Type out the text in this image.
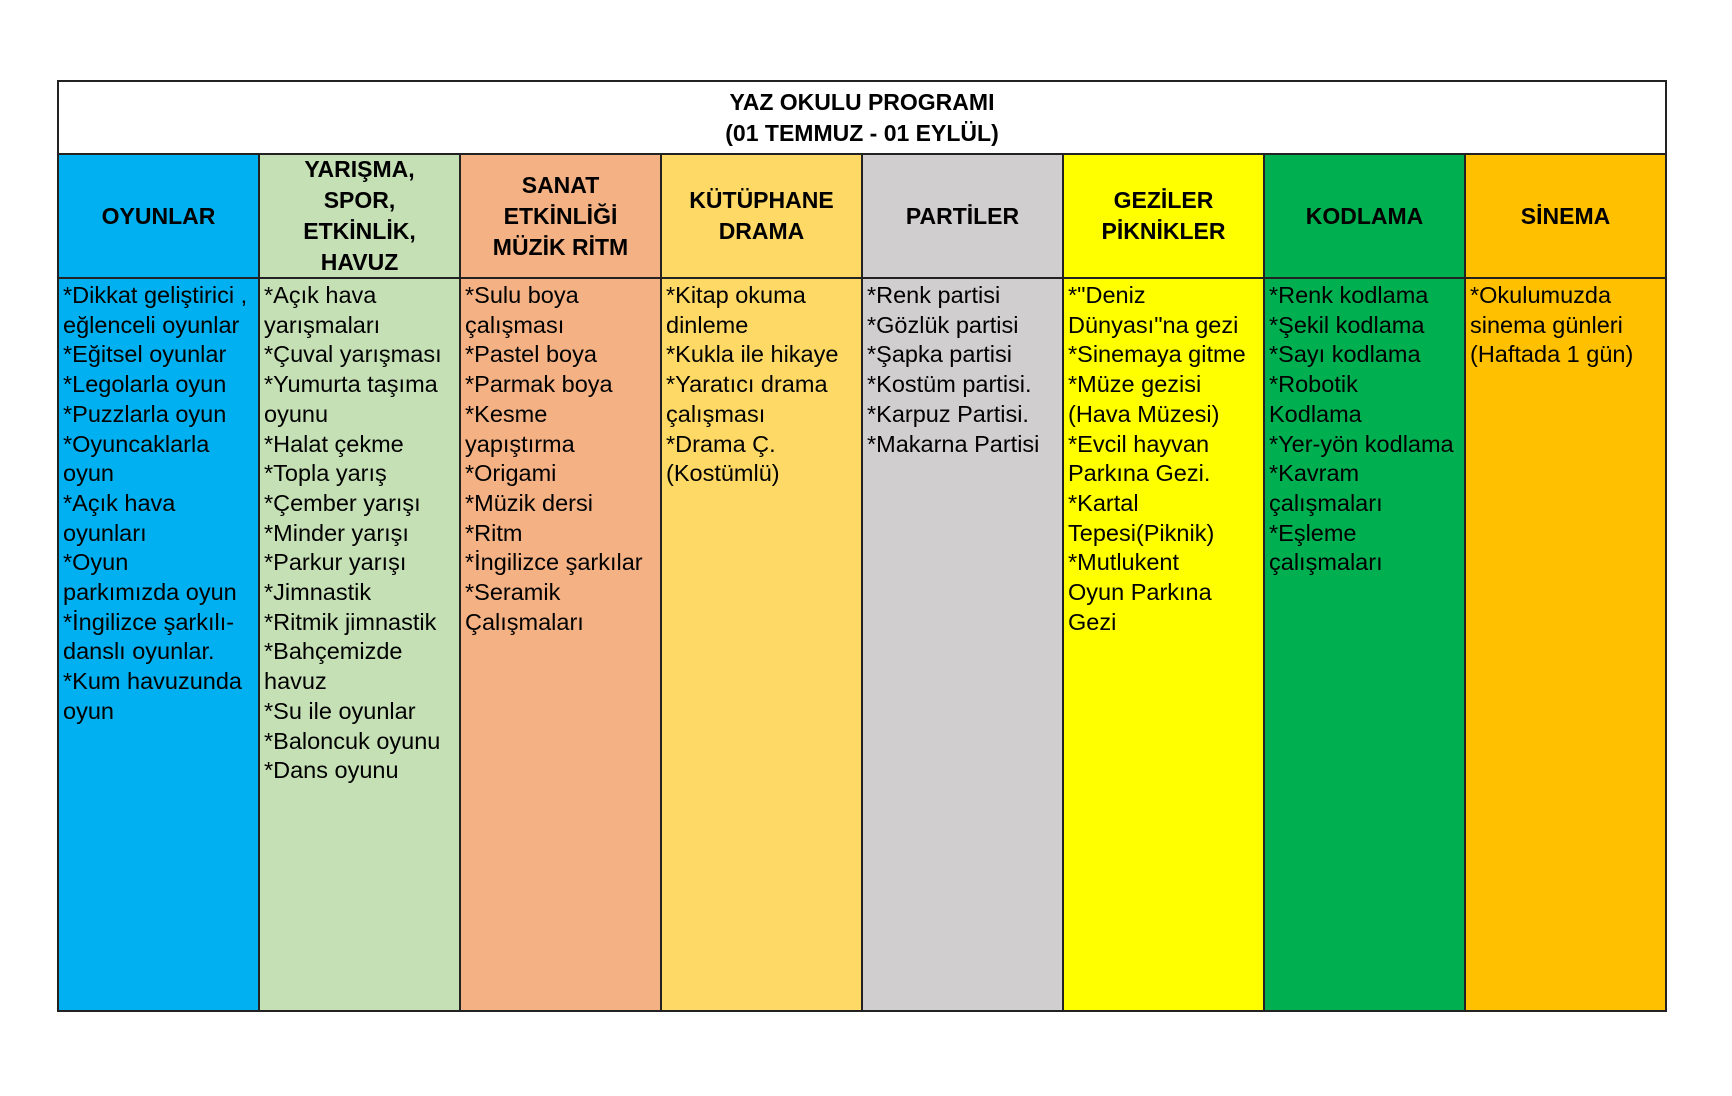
YAZ OKULU PROGRAMI
(01 TEMMUZ - 01 EYLÜL)
OYUNLAR
*Dikkat geliştirici ,
eğlenceli oyunlar
*Eğitsel oyunlar
*Legolarla oyun
*Puzzlarla oyun
*Oyuncaklarla
oyun
*Açık hava
oyunları
*Oyun
parkımızda oyun
*İngilizce şarkılı-
danslı oyunlar.
*Kum havuzunda
oyun
YARIŞMA,
SPOR,
ETKİNLİK,
HAVUZ
*Açık hava
yarışmaları
*Çuval yarışması
*Yumurta taşıma
oyunu
*Halat çekme
*Topla yarış
*Çember yarışı
*Minder yarışı
*Parkur yarışı
*Jimnastik
*Ritmik jimnastik
*Bahçemizde
havuz
*Su ile oyunlar
*Baloncuk oyunu
*Dans oyunu
SANAT
ETKİNLİĞİ
MÜZİK RİTM
*Sulu boya
çalışması
*Pastel boya
*Parmak boya
*Kesme
yapıştırma
*Origami
*Müzik dersi
*Ritm
*İngilizce şarkılar
*Seramik
Çalışmaları
KÜTÜPHANE
DRAMA
*Kitap okuma
dinleme
*Kukla ile hikaye
*Yaratıcı drama
çalışması
*Drama Ç.
(Kostümlü)
PARTİLER
*Renk partisi
*Gözlük partisi
*Şapka partisi
*Kostüm partisi.
*Karpuz Partisi.
*Makarna Partisi
GEZİLER
PİKNİKLER
*"Deniz
Dünyası"na gezi
*Sinemaya gitme
*Müze gezisi
(Hava Müzesi)
*Evcil hayvan
Parkına Gezi.
*Kartal
Tepesi(Piknik)
*Mutlukent
Oyun Parkına
Gezi
KODLAMA
*Renk kodlama
*Şekil kodlama
*Sayı kodlama
*Robotik
Kodlama
*Yer-yön kodlama
*Kavram
çalışmaları
*Eşleme
çalışmaları
SİNEMA
*Okulumuzda
sinema günleri
(Haftada 1 gün)
